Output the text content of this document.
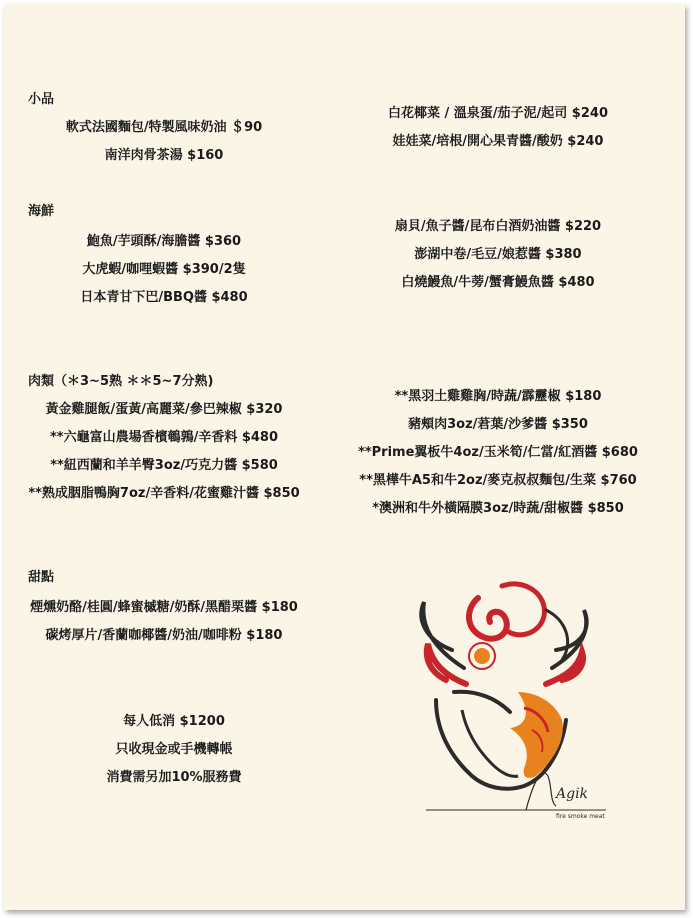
小品
軟式法國麵包/特製風味奶油 ＄90
南洋肉骨茶湯 $160
白花椰菜 / 溫泉蛋/茄子泥/起司 $240
娃娃菜/培根/開心果青醬/酸奶 $240
海鮮
鮑魚/芋頭酥/海膽醬 $360
大虎蝦/咖哩蝦醬 $390/2隻
日本青甘下巴/BBQ醬 $480
扇貝/魚子醬/昆布白酒奶油醬 $220
澎湖中卷/毛豆/娘惹醬 $380
白燒鰻魚/牛蒡/蟹膏鰻魚醬 $480
肉類（＊3~5熟 ＊＊5~7分熟)
黃金雞腿飯/蛋黃/高麗菜/參巴辣椒 $320
**六龜富山農場香檳鵪鶉/辛香料 $480
**紐西蘭和羊羊臀3oz/巧克力醬 $580
**熟成胭脂鴨胸7oz/辛香料/花蜜雞汁醬 $850
**黑羽土雞雞胸/時蔬/霹靂椒 $180
豬頰肉3oz/莙葉/沙爹醬 $350
**Prime翼板牛4oz/玉米筍/仁當/紅酒醬 $680
**黑樺牛A5和牛2oz/麥克叔叔麵包/生菜 $760
*澳洲和牛外橫隔膜3oz/時蔬/甜椒醬 $850
甜點
煙燻奶酪/桂圓/蜂蜜槭糖/奶酥/黑醋栗醬 $180
碳烤厚片/香蘭咖椰醬/奶油/咖啡粉 $180
每人低消 $1200
只收現金或手機轉帳
消費需另加10%服務費
Agik
fire smoke meat
